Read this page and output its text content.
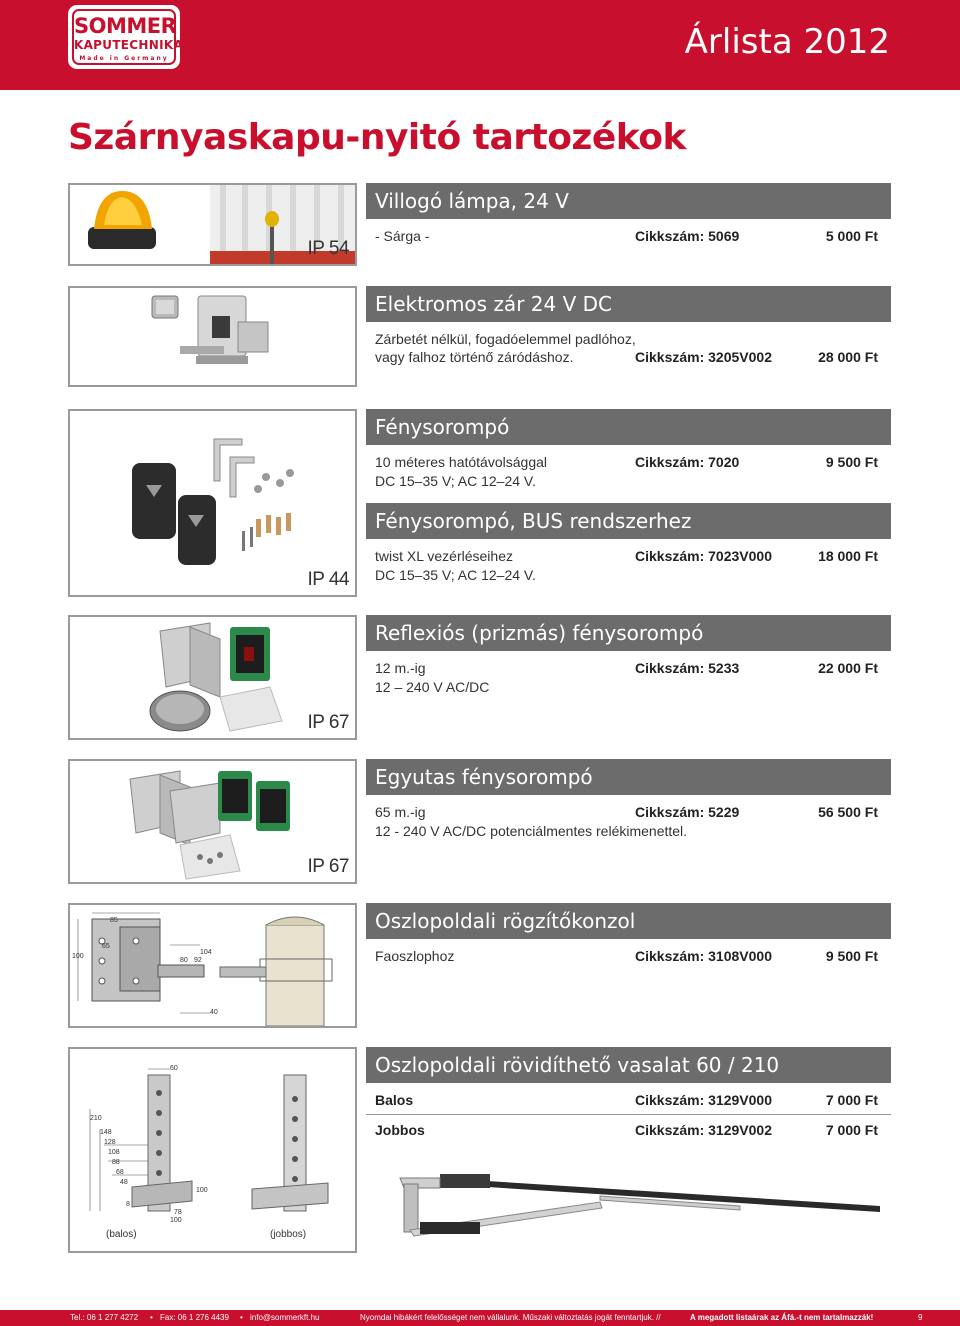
SOMMER
KAPUTECHNIKA
Made in Germany	Árlista 2012
Szárnyaskapu-nyitó tartozékok
IP 54
Villogó lámpa, 24 V
- Sárga -	Cikkszám: 5069	5 000 Ft
Elektromos zár 24 V DC
Zárbetét nélkül, fogadóelemmel padlóhoz,
vagy falhoz történő záródáshoz.	Cikkszám: 3205V002	28 000 Ft
IP 44
Fénysorompó
10 méteres hatótávolsággal
DC 15–35 V; AC 12–24 V.
Cikkszám: 7020	9 500 Ft
Fénysorompó, BUS rendszerhez
twist XL vezérléseihez
DC 15–35 V; AC 12–24 V.
Cikkszám: 7023V000	18 000 Ft
IP 67
Reflexiós (prizmás) fénysorompó
12 m.-ig
12 – 240 V AC/DC
Cikkszám: 5233	22 000 Ft
IP 67
Egyutas fénysorompó
65 m.-ig
12 - 240 V AC/DC potenciálmentes relékimenettel.
Cikkszám: 5229	56 500 Ft
85
65
100
80 92
104
40
Oszlopoldali rögzítőkonzol
Faoszlophoz	Cikkszám: 3108V000	9 500 Ft
60
210
148
128
108
88
68
48
8
100
78
100
(balos)	(jobbos)
Oszlopoldali rövidíthető vasalat 60 / 210
Balos	Cikkszám: 3129V000	7 000 Ft
Jobbos	Cikkszám: 3129V002	7 000 Ft
Tel.: 06 1 277 4272 • Fax: 06 1 276 4439 • info@sommerkft.hu	Nyomdai hibákért felelősséget nem vállalunk. Műszaki változtatás jogát fenntartjuk. //	A megadott listaárak az Áfá.-t nem tartalmazzák!	9
